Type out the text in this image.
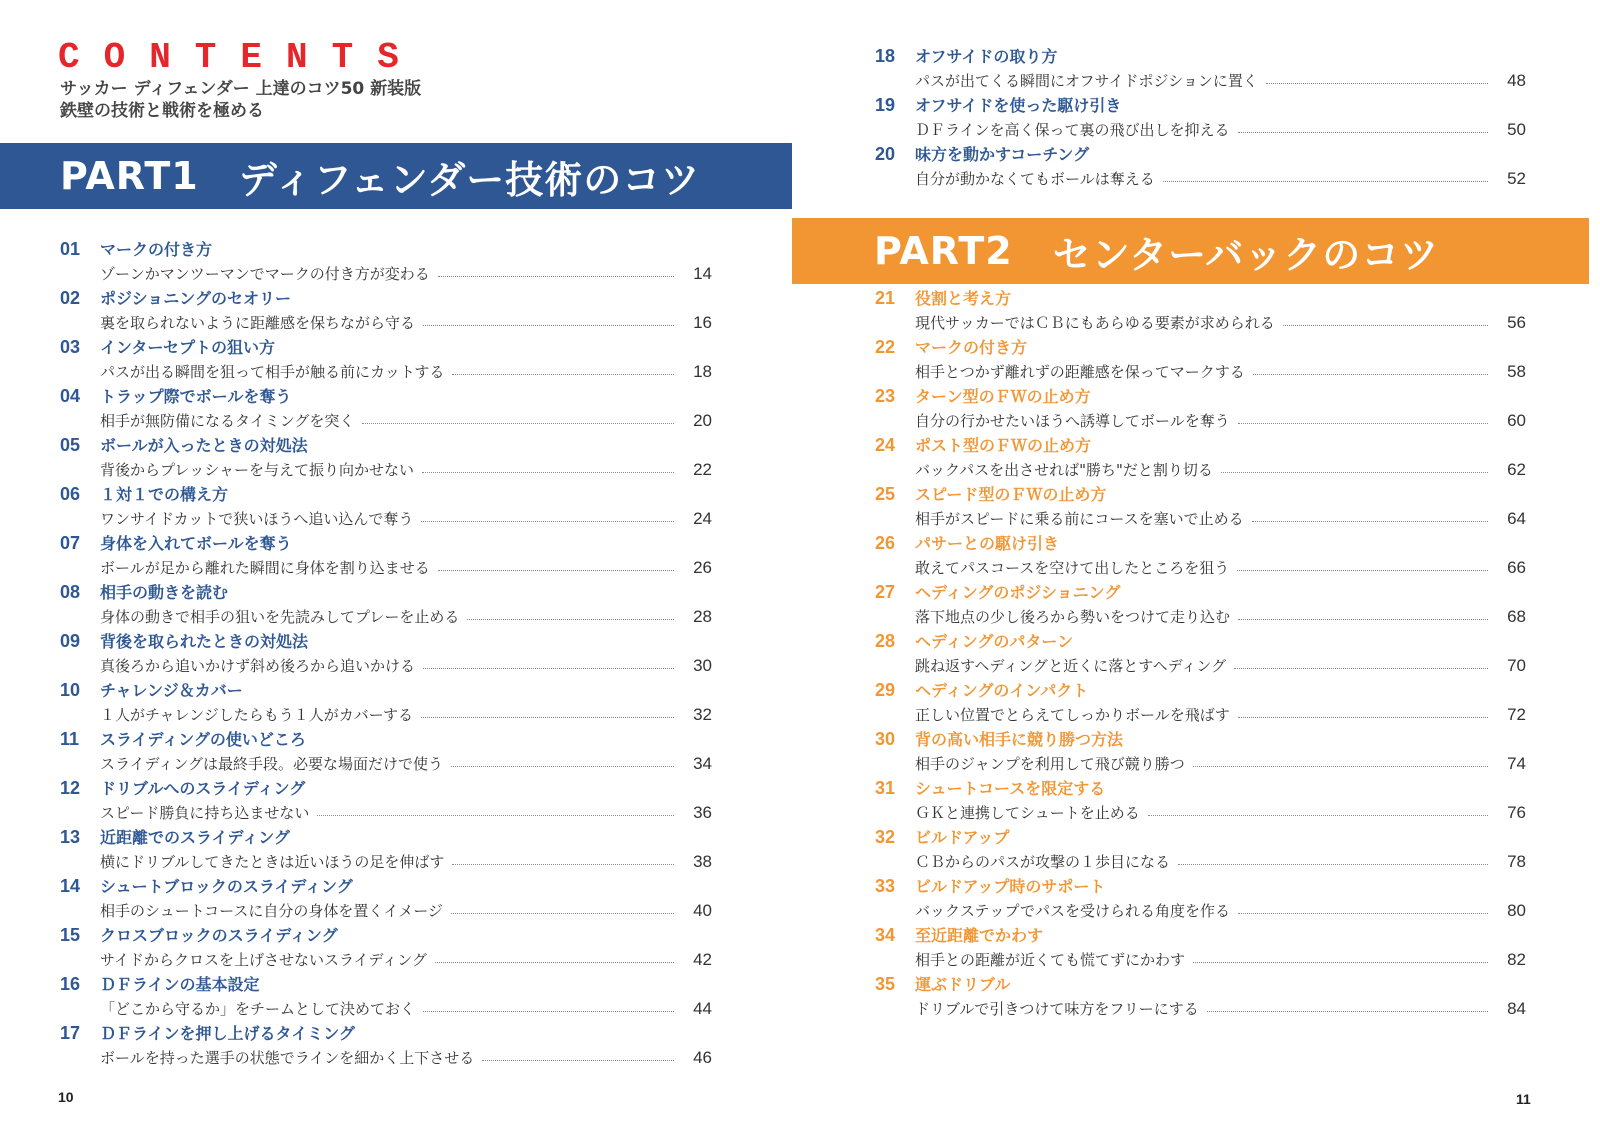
CONTENTS
サッカー ディフェンダー 上達のコツ50 新装版
鉄壁の技術と戦術を極める
PART1 ディフェンダー技術のコツ
PART2 センターバックのコツ
01 マークの付き方
ゾーンかマンツーマンでマークの付き方が変わる	14
02 ポジショニングのセオリー
裏を取られないように距離感を保ちながら守る	16
03 インターセプトの狙い方
パスが出る瞬間を狙って相手が触る前にカットする	18
04 トラップ際でボールを奪う
相手が無防備になるタイミングを突く	20
05 ボールが入ったときの対処法
背後からプレッシャーを与えて振り向かせない	22
06 １対１での構え方
ワンサイドカットで狭いほうへ追い込んで奪う	24
07 身体を入れてボールを奪う
ボールが足から離れた瞬間に身体を割り込ませる	26
08 相手の動きを読む
身体の動きで相手の狙いを先読みしてプレーを止める	28
09 背後を取られたときの対処法
真後ろから追いかけず斜め後ろから追いかける	30
10 チャレンジ＆カバー
１人がチャレンジしたらもう１人がカバーする	32
11 スライディングの使いどころ
スライディングは最終手段。必要な場面だけで使う	34
12 ドリブルへのスライディング
スピード勝負に持ち込ませない	36
13 近距離でのスライディング
横にドリブルしてきたときは近いほうの足を伸ばす	38
14 シュートブロックのスライディング
相手のシュートコースに自分の身体を置くイメージ	40
15 クロスブロックのスライディング
サイドからクロスを上げさせないスライディング	42
16 ＤＦラインの基本設定
「どこから守るか」をチームとして決めておく	44
17 ＤＦラインを押し上げるタイミング
ボールを持った選手の状態でラインを細かく上下させる	46
18 オフサイドの取り方
パスが出てくる瞬間にオフサイドポジションに置く	48
19 オフサイドを使った駆け引き
ＤＦラインを高く保って裏の飛び出しを抑える	50
20 味方を動かすコーチング
自分が動かなくてもボールは奪える	52
21 役割と考え方
現代サッカーではＣＢにもあらゆる要素が求められる	56
22 マークの付き方
相手とつかず離れずの距離感を保ってマークする	58
23 ターン型のＦＷの止め方
自分の行かせたいほうへ誘導してボールを奪う	60
24 ポスト型のＦＷの止め方
バックパスを出させれば"勝ち"だと割り切る	62
25 スピード型のＦＷの止め方
相手がスピードに乗る前にコースを塞いで止める	64
26 パサーとの駆け引き
敢えてパスコースを空けて出したところを狙う	66
27 ヘディングのポジショニング
落下地点の少し後ろから勢いをつけて走り込む	68
28 ヘディングのパターン
跳ね返すヘディングと近くに落とすヘディング	70
29 ヘディングのインパクト
正しい位置でとらえてしっかりボールを飛ばす	72
30 背の高い相手に競り勝つ方法
相手のジャンプを利用して飛び競り勝つ	74
31 シュートコースを限定する
ＧＫと連携してシュートを止める	76
32 ビルドアップ
ＣＢからのパスが攻撃の１歩目になる	78
33 ビルドアップ時のサポート
バックステップでパスを受けられる角度を作る	80
34 至近距離でかわす
相手との距離が近くても慌てずにかわす	82
35 運ぶドリブル
ドリブルで引きつけて味方をフリーにする	84
10	11
